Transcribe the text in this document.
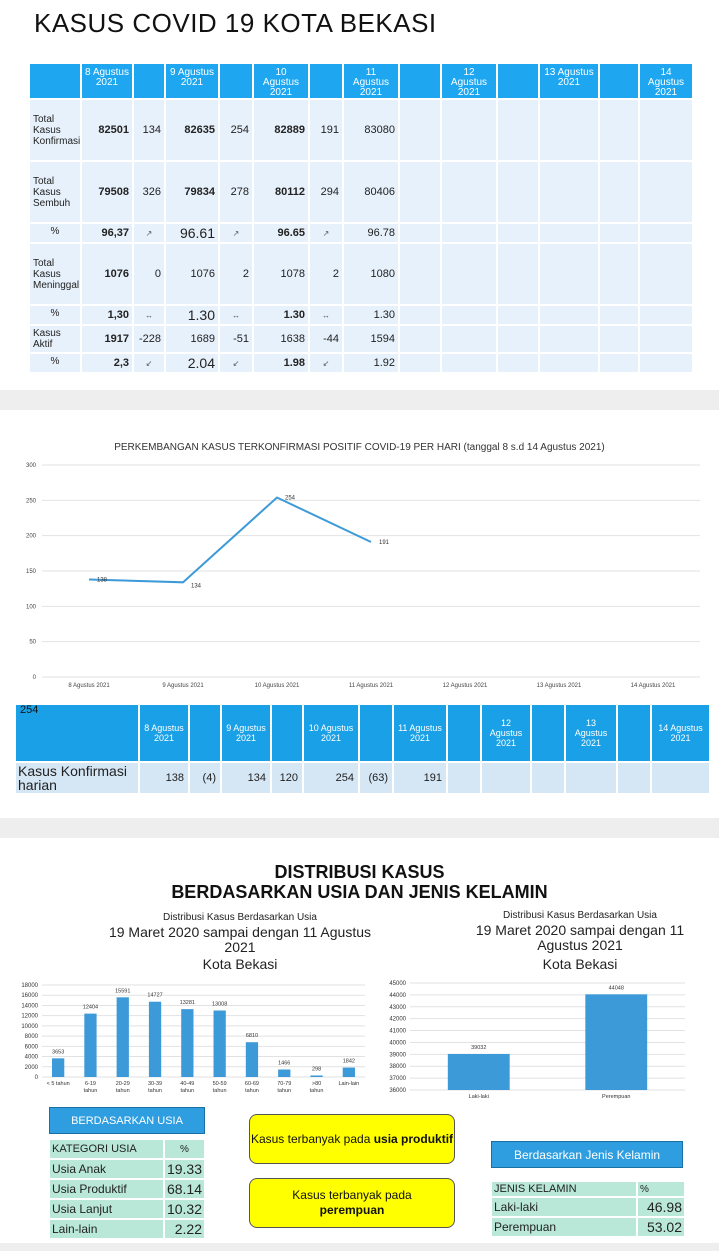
KASUS COVID 19 KOTA BEKASI
	8 Agustus 2021		9 Agustus 2021		10 Agustus 2021		11 Agustus 2021		12 Agustus 2021		13 Agustus 2021		14 Agustus 2021
Total Kasus Konfirmasi	82501	134	82635	254	82889	191	83080						
Total Kasus Sembuh	79508	326	79834	278	80112	294	80406						
%	96,37	↗	96.61	↗	96.65	↗	96.78						
Total Kasus Meninggal	1076	0	1076	2	1078	2	1080						
%	1,30	↔	1.30	↔	1.30	↔	1.30						
Kasus Aktif	1917	-228	1689	-51	1638	-44	1594						
%	2,3	↙	2.04	↙	1.98	↙	1.92						
PERKEMBANGAN KASUS TERKONFIRMASI POSITIF COVID-19 PER HARI (tanggal 8 s.d 14 Agustus 2021)
0
50
100
150
200
250
300
8 Agustus 2021	9 Agustus 2021	10 Agustus 2021	11 Agustus 2021	12 Agustus 2021	13 Agustus 2021	14 Agustus 2021
138
134
254
191
254	8 Agustus 2021		9 Agustus 2021		10 Agustus 2021		11 Agustus 2021		12 Agustus 2021		13 Agustus 2021		14 Agustus 2021
Kasus Konfirmasi harian	138	(4)	134	120	254	(63)	191						
DISTRIBUSI KASUS
BERDASARKAN USIA DAN JENIS KELAMIN
Distribusi Kasus Berdasarkan Usia
19 Maret 2020 sampai dengan 11 Agustus 2021
Kota Bekasi
Distribusi Kasus Berdasarkan Usia
19 Maret 2020 sampai dengan 11 Agustus 2021
Kota Bekasi
0
2000
4000
6000
8000
10000
12000
14000
16000
18000
3653
< 5 tahun
12404
6-19
tahun
15591
20-29
tahun
14727
30-39
tahun
13281
40-49
tahun
13008
50-59
tahun
6810
60-69
tahun
1466
70-79
tahun
298
>80
tahun
1842
Lain-lain
36000
37000
38000
39000
40000
41000
42000
43000
44000
45000
39032
Laki-laki
44048
Perempuan
BERDASARKAN USIA
KATEGORI USIA	%
Usia Anak	19.33
Usia Produktif	68.14
Usia Lanjut	10.32
Lain-lain	2.22
Kasus terbanyak pada usia produktif
Kasus terbanyak pada
perempuan
Berdasarkan Jenis Kelamin
JENIS KELAMIN	%
Laki-laki	46.98
Perempuan	53.02
